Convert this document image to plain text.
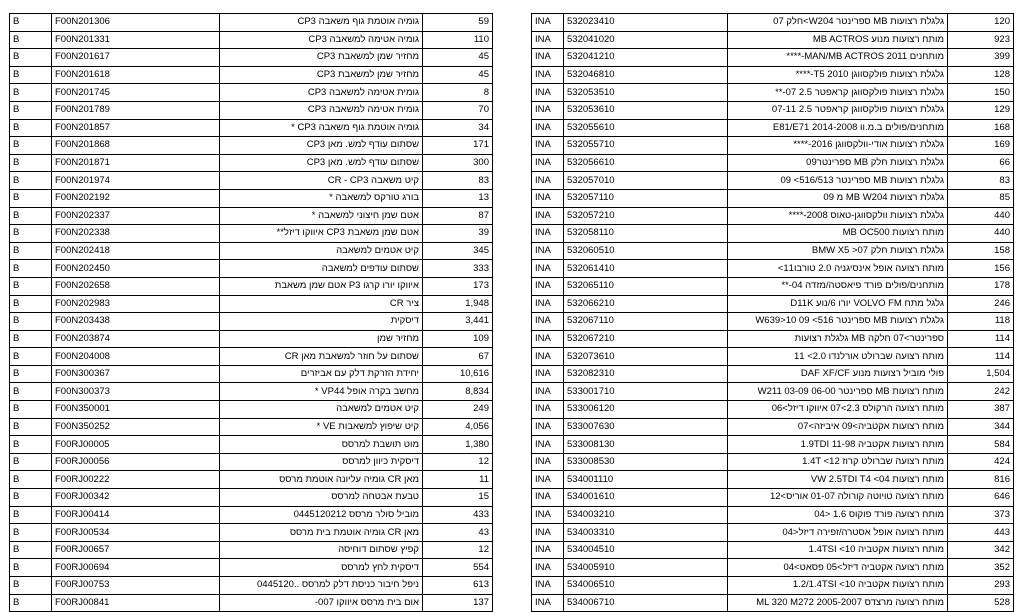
B	F00N201306	גומיה אוטמת גוף משאבה CP3	59
B	F00N201331	גומיה אטימה למשאבה CP3	110
B	F00N201617	מחזיר שמן למשאבת CP3	45
B	F00N201618	מחזיר שמן למשאבת CP3	45
B	F00N201745	גומית אטימה למשאבה CP3	8
B	F00N201789	גומית אטימה למשאבה CP3	70
B	F00N201857	גומיה אוטמת גוף משאבה CP3 *	34
B	F00N201868	שסתום עודף למש. מאן CP3	171
B	F00N201871	שסתום עודף למש. מאן CP3	300
B	F00N201974	קיט משאבה CR - CP3	83
B	F00N202192	בורג טורקס למשאבה *	13
B	F00N202337	אטם שמן חיצוני למשאבה *	87
B	F00N202338	אטם שמן משאבת CP3 איווקו דיזל**	39
B	F00N202418	קיט אטמים למשאבה	345
B	F00N202450	שסתום עודפים למשאבה	333
B	F00N202658	איווקו יורו קרגו P3 אטם שמן משאבת	173
B	F00N202983	ציר CR	1,948
B	F00N203438	דיסקית	3,441
B	F00N203874	מחזיר שמן	109
B	F00N204008	שסתום על חוזר למשאבת מאן CR	67
B	F00N300367	יחידת הזרקת דלק עם אביזרים	10,616
B	F00N300373	מחשב בקרה אופל VP44 *	8,834
B	F00N350001	קיט אטמים למשאבה	249
B	F00N350252	קיט שיפוץ למשאבות VE *	4,056
B	F00RJ00005	מוט תושבת למרסס	1,380
B	F00RJ00056	דיסקית כיוון למרסס	12
B	F00RJ00222	מאן CR גומיה עליונה אוטמת מרסס	11
B	F00RJ00342	טבעת אבטחה למרסס	15
B	F00RJ00414	מוביל סולר מרסס 0445120212	433
B	F00RJ00534	מאן CR גומיה אוטמת בית מרסס	43
B	F00RJ00657	קפיץ שסתום דוחיסה	12
B	F00RJ00694	דיסקית לחץ למרסס	554
B	F00RJ00753	ניפל חיבור כניסת דלק למרסס ..0445120	613
B	F00RJ00841	אום בית מרסס איווקו 007-	137
INA	532023410	גלגלת רצועות MB ספרינטר W204>חלק 07	120
INA	532041020	מותח רצועות מנוע MB ACTROS	923
INA	532041210	מותחנים MAN/MB ACTROS 2011-****	399
INA	532046810	גלגלת רצועות פולקסווגן T5 2010-****	128
INA	532053510	גלגלת רצועות פולקסווגן קראפטר 2.5 07-**	150
INA	532053610	גלגלת רצועות פולקסווגן קראפטר 2.5 07-11	129
INA	532055610	מותחנים/פולים ב.מ.וו E81/E71 2014-2008	168
INA	532055710	גלגלת רצועות אודי-וולקסווגן 2016-****	169
INA	532056610	גלגלת רצועות חלק MB ספרינטר09	66
INA	532057010	גלגלת רצועות MB ספרינטר 516/513> 09	83
INA	532057110	גלגלת רצועות MB W204 מ 09	85
INA	532057210	גלגלת רצועות וולקסווגן-טאוס 2008-****	440
INA	532058110	מותח רצועות MB OC500	440
INA	532060510	גלגלת רצועות חלק BMW X5 >07	158
INA	532061410	מותח רצועה אופל אינסיגניה 2.0 טורבו11>	156
INA	532065110	מותחנים/פולים פורד פיאסטה/מזדה 04-**	178
INA	532066210	גלגל מתח VOLVO FM יורו 6/נוע D11K	246
INA	532067110	גלגלת רצועות MB ספרינטר 516> 09 W639>10	118
INA	532067210	ספרינטר>07 חלקה MB גלגלת רצועות	114
INA	532073610	מותח רצועה שברולט אורלנדו 2.0> 11	114
INA	532082310	פולי מוביל רצועות מנוע DAF XF/CF	1,504
INA	533001710	מותח רצועות MB ספרינטר 06-00 W211 03-09	242
INA	533006120	מותח רצועה הרקולס 2.3>07 איווקו דיזל>06	387
INA	533007630	מותח רצועות אקטביה>09 איביזה>07	344
INA	533008130	מותח רצועות אקטביה 1.9TDI 11-98	584
INA	533008530	מותח רצועה שברולט קרוז 1.4T <12	424
INA	534001110	מותח רצועות VW 2.5TDI T4 <04	816
INA	534001610	מותח רצועה טויוטה קורולה 01-07 אוריס>12	646
INA	534003210	מותח רצועה פורד פוקוס 1.6 <04	373
INA	534003310	מותח רצועה אופל אסטרה/זפירה דיזל<04	443
INA	534004510	מותח רצועות אקטביה 1.4TSI <10	342
INA	534005910	מותח רצועה אקטביה דיזל>05 פסאט>04	352
INA	534006510	מותח רצועות אקטביה 1.2/1.4TSI <10	293
INA	534006710	מותח רצועה מרצדס ML 320 M272 2005-2007	528
